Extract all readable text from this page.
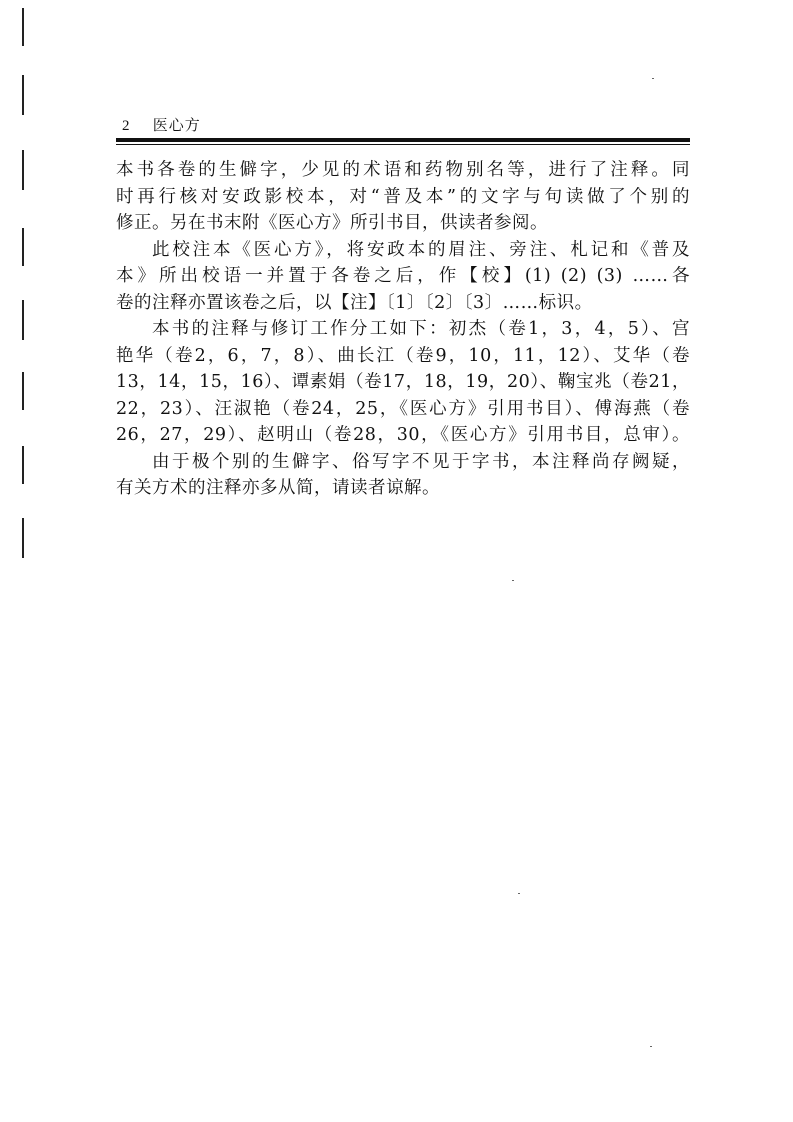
2 医心方
本书各卷的生僻字，少见的术语和药物别名等，进行了注释。同
时再行核对安政影校本，对“普及本”的文字与句读做了个别的
修正。另在书末附《医心方》所引书目，供读者参阅。
此校注本《医心方》，将安政本的眉注、旁注、札记和《普及
本》所出校语一并置于各卷之后，作【校】(1) (2) (3) ……各
卷的注释亦置该卷之后，以【注】〔1〕〔2〕〔3〕……标识。
本书的注释与修订工作分工如下：初杰（卷1，3，4，5）、宫
艳华（卷2，6，7，8）、曲长江（卷9，10，11，12）、艾华（卷
13，14，15，16）、谭素娟（卷17，18，19，20）、鞠宝兆（卷21，
22，23）、汪淑艳（卷24，25，《医心方》引用书目）、傅海燕（卷
26，27，29）、赵明山（卷28，30，《医心方》引用书目，总审）。
由于极个别的生僻字、俗写字不见于字书，本注释尚存阙疑，
有关方术的注释亦多从简，请读者谅解。
